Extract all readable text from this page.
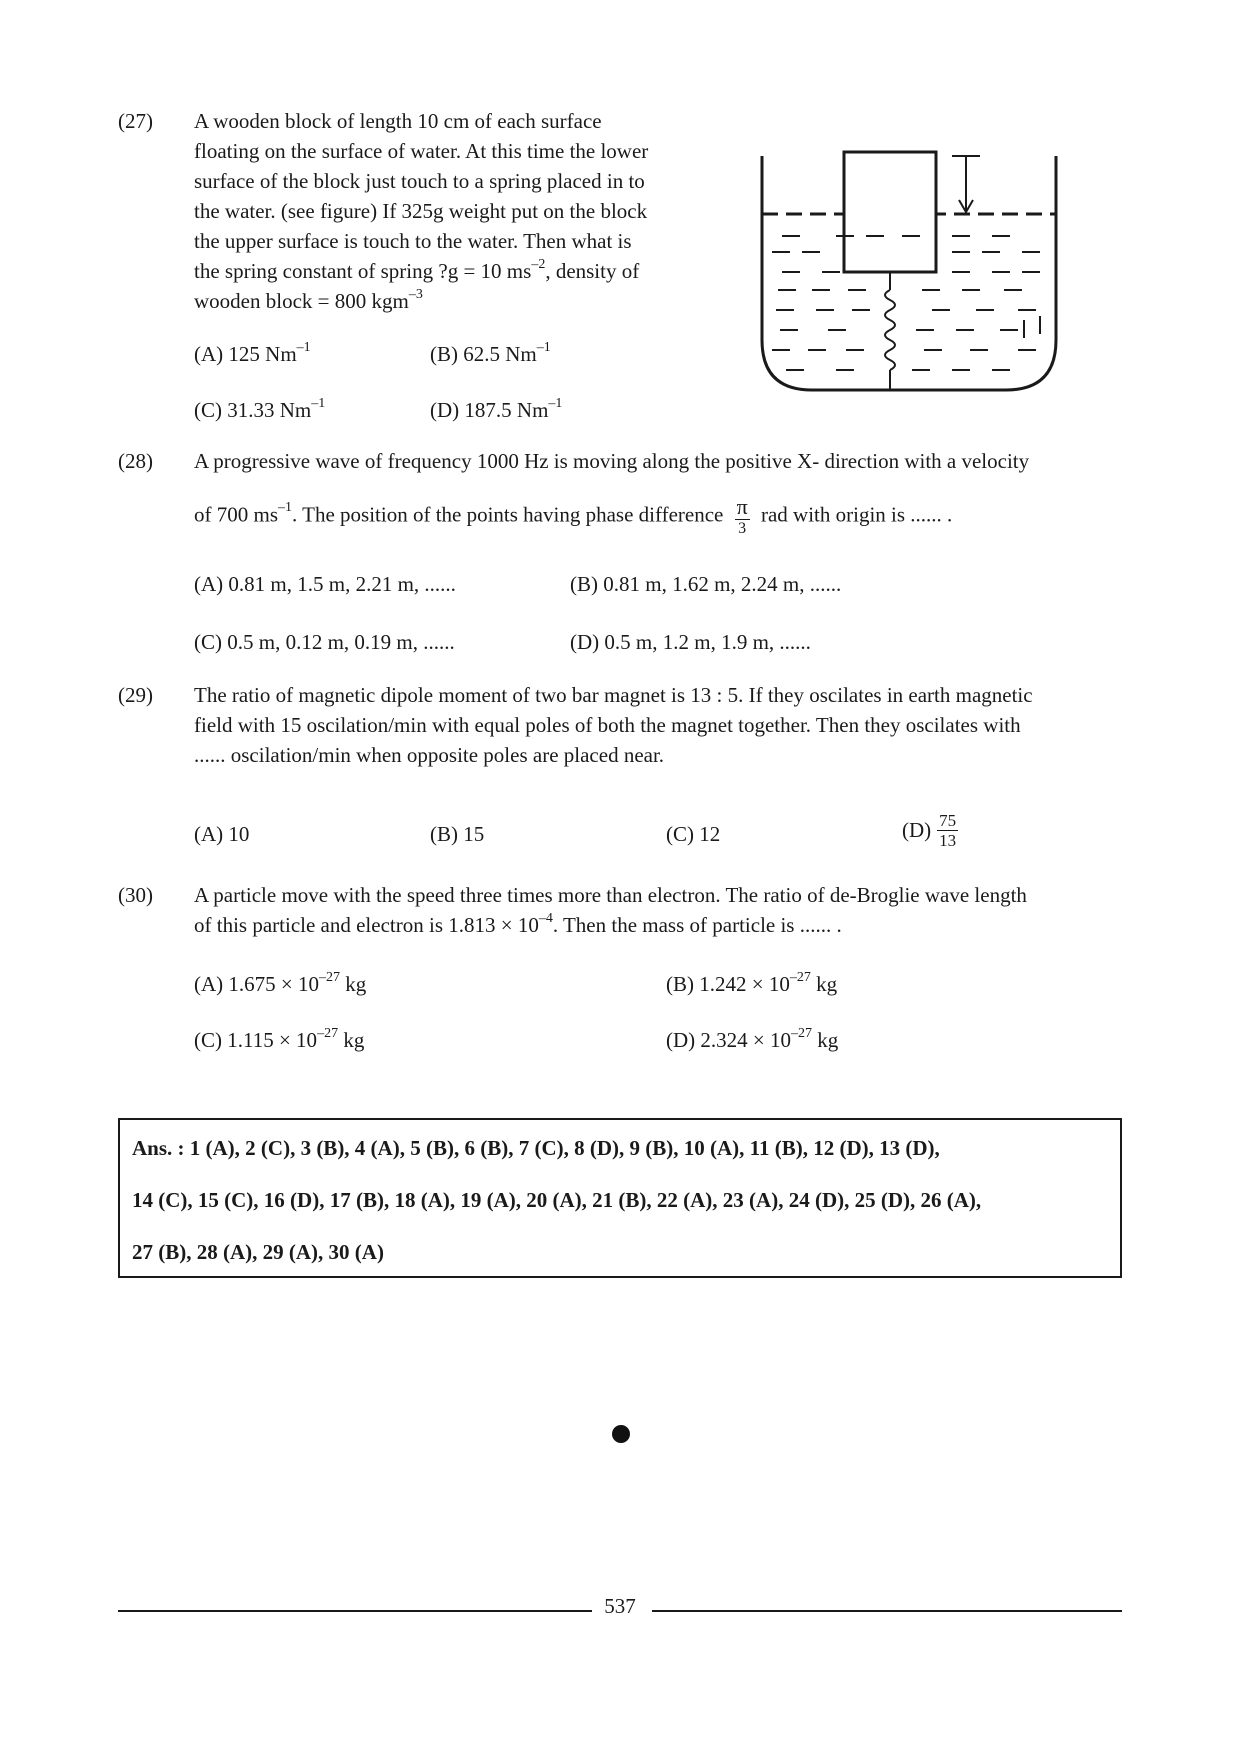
(27) A wooden block of length 10 cm of each surface
floating on the surface of water. At this time the lower
surface of the block just touch to a spring placed in to
the water. (see figure) If 325g weight put on the block
the upper surface is touch to the water. Then what is
the spring constant of spring ?g = 10 $ms^{-2}$, density of
wooden block = 800 kgm$^{-3}$
(A) 125 $Nm^{-1}$	(B) 62.5 $Nm^{-1}$
(C) 31.33 $Nm^{-1}$	(D) 187.5 $Nm^{-1}$
(28) A progressive wave of frequency 1000 Hz is moving along the positive X- direction with a velocity
of 700 $ms^{-1}$. The position of the points having phase difference $\frac{\pi}{3}$ rad with origin is ...... .
(A) 0.81 m, 1.5 m, 2.21 m, ......	(B) 0.81 m, 1.62 m, 2.24 m, ......
(C) 0.5 m, 0.12 m, 0.19 m, ......	(D) 0.5 m, 1.2 m, 1.9 m, ......
(29) The ratio of magnetic dipole moment of two bar magnet is 13 : 5. If they oscilates in earth magnetic
field with 15 oscilation/min with equal poles of both the magnet together. Then they oscilates with
...... oscilation/min when opposite poles are placed near.
(A) 10	(B) 15	(C) 12	$(D) \frac{75}{13}$
(30) A particle move with the speed three times more than electron. The ratio of de-Broglie wave length
of this particle and electron is $1.813 \times 10^{-4}$. Then the mass of particle is ...... .
(A) $1.675 \times 10^{-27}$ kg	(B) $1.242 \times 10^{-27}$ kg
(C) $1.115 \times 10^{-27}$ kg	(D) $2.324 \times 10^{-27}$ kg
Ans. : 1 (A), 2 (C), 3 (B), 4 (A), 5 (B), 6 (B), 7 (C), 8 (D), 9 (B), 10 (A), 11 (B), 12 (D), 13 (D),
14 (C), 15 (C), 16 (D), 17 (B), 18 (A), 19 (A), 20 (A), 21 (B), 22 (A), 23 (A), 24 (D), 25 (D), 26 (A),
27 (B), 28 (A), 29 (A), 30 (A)
537
